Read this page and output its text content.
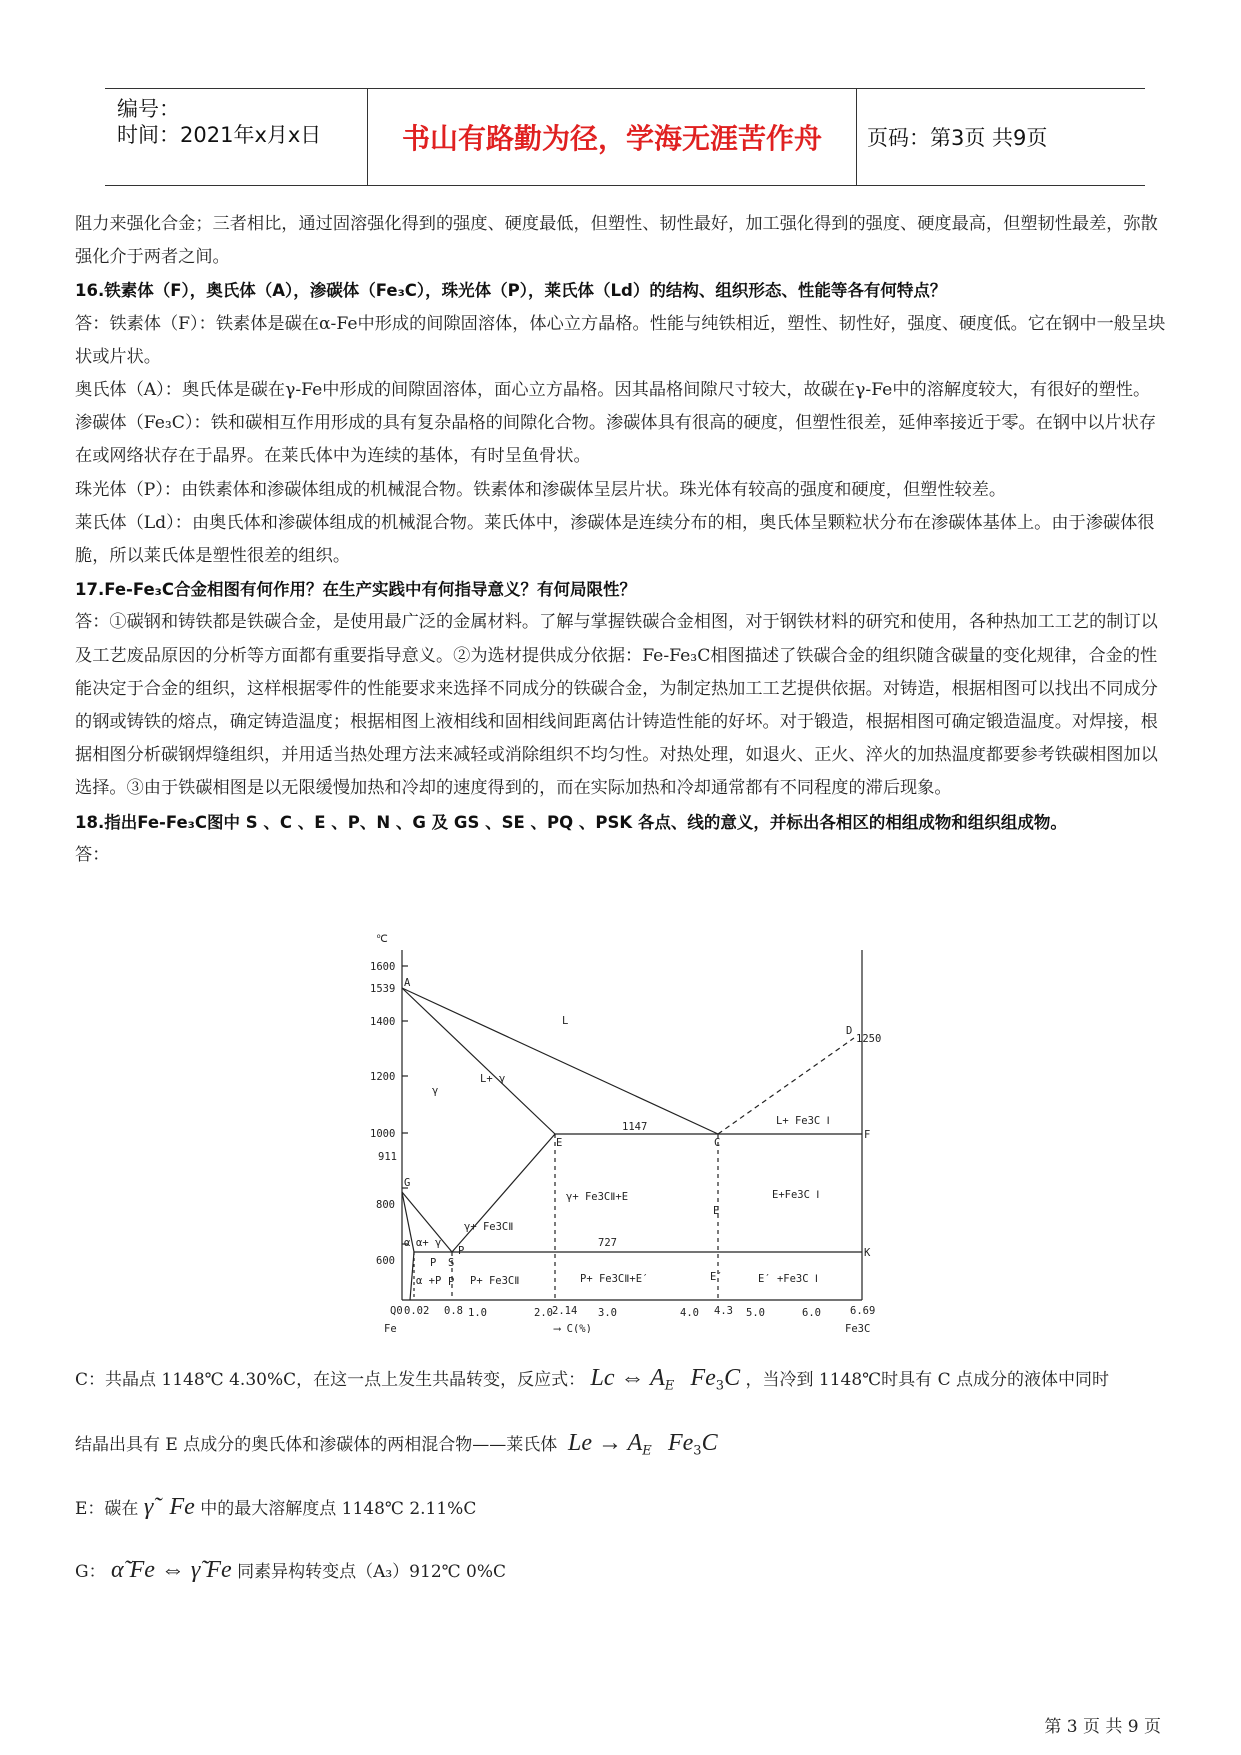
编号：
时间：2021年x月x日	书山有路勤为径，学海无涯苦作舟	页码：第3页 共9页

阻力来强化合金；三者相比，通过固溶强化得到的强度、硬度最低，但塑性、韧性最好，加工强化得到的强度、硬度最高，但塑韧性最差，弥散强化介于两者之间。

16.铁素体（F），奥氏体（A），渗碳体（Fe₃C），珠光体（P），莱氏体（Ld）的结构、组织形态、性能等各有何特点？

答：铁素体（F）：铁素体是碳在α-Fe中形成的间隙固溶体，体心立方晶格。性能与纯铁相近，塑性、韧性好，强度、硬度低。它在钢中一般呈块状或片状。

奥氏体（A）：奥氏体是碳在γ-Fe中形成的间隙固溶体，面心立方晶格。因其晶格间隙尺寸较大，故碳在γ-Fe中的溶解度较大，有很好的塑性。

渗碳体（Fe₃C）：铁和碳相互作用形成的具有复杂晶格的间隙化合物。渗碳体具有很高的硬度，但塑性很差，延伸率接近于零。在钢中以片状存在或网络状存在于晶界。在莱氏体中为连续的基体，有时呈鱼骨状。

珠光体（P）：由铁素体和渗碳体组成的机械混合物。铁素体和渗碳体呈层片状。珠光体有较高的强度和硬度，但塑性较差。

莱氏体（Ld）：由奥氏体和渗碳体组成的机械混合物。莱氏体中，渗碳体是连续分布的相，奥氏体呈颗粒状分布在渗碳体基体上。由于渗碳体很脆，所以莱氏体是塑性很差的组织。

17.Fe-Fe₃C合金相图有何作用？在生产实践中有何指导意义？有何局限性？

答：①碳钢和铸铁都是铁碳合金，是使用最广泛的金属材料。了解与掌握铁碳合金相图，对于钢铁材料的研究和使用，各种热加工工艺的制订以及工艺废品原因的分析等方面都有重要指导意义。②为选材提供成分依据：Fe-Fe₃C相图描述了铁碳合金的组织随含碳量的变化规律，合金的性能决定于合金的组织，这样根据零件的性能要求来选择不同成分的铁碳合金，为制定热加工工艺提供依据。对铸造，根据相图可以找出不同成分的钢或铸铁的熔点，确定铸造温度；根据相图上液相线和固相线间距离估计铸造性能的好坏。对于锻造，根据相图可确定锻造温度。对焊接，根据相图分析碳钢焊缝组织，并用适当热处理方法来减轻或消除组织不均匀性。对热处理，如退火、正火、淬火的加热温度都要参考铁碳相图加以选择。③由于铁碳相图是以无限缓慢加热和冷却的速度得到的，而在实际加热和冷却通常都有不同程度的滞后现象。

18.指出Fe-Fe₃C图中 S 、C 、E 、P、N 、G 及 GS 、SE 、PQ 、PSK 各点、线的意义，并标出各相区的相组成物和组织组成物。

答：

℃
1600
1539
1400
1200
1000
911
800
600
Q0 0.02 0.8 1.0	2.0 2.14 3.0	4.0 4.3 5.0	6.0	6.69
Fe	Fe3C
⟶ C(%)
A
D
1250
E	C
F
G
P
S
K
E
E′
1147
727
L
L+ γ
L+ Fe3C Ⅰ
γ
γ+ Fe3CⅡ
γ+ Fe3CⅡ+E	E+Fe3C Ⅰ
α+ γ
α
P
α +P P P+ Fe3CⅡ	P+ Fe3CⅡ+E′	E′ +Fe3C Ⅰ
C：共晶点 1148℃ 4.30%C，在这一点上发生共晶转变，反应式： Lc ⇔ $A_E$ $Fe_3C$ ，当冷到 1148℃时具有 C 点成分的液体中同时
结晶出具有 E 点成分的奥氏体和渗碳体的两相混合物——莱氏体 $Le \to A_E$ $Fe_3C$
E：碳在 γ̃ Fe 中的最大溶解度点 1148℃ 2.11%C
G： α̃ Fe ⇔ γ̃ Fe 同素异构转变点（A₃）912℃ 0%C
第 3 页 共 9 页
